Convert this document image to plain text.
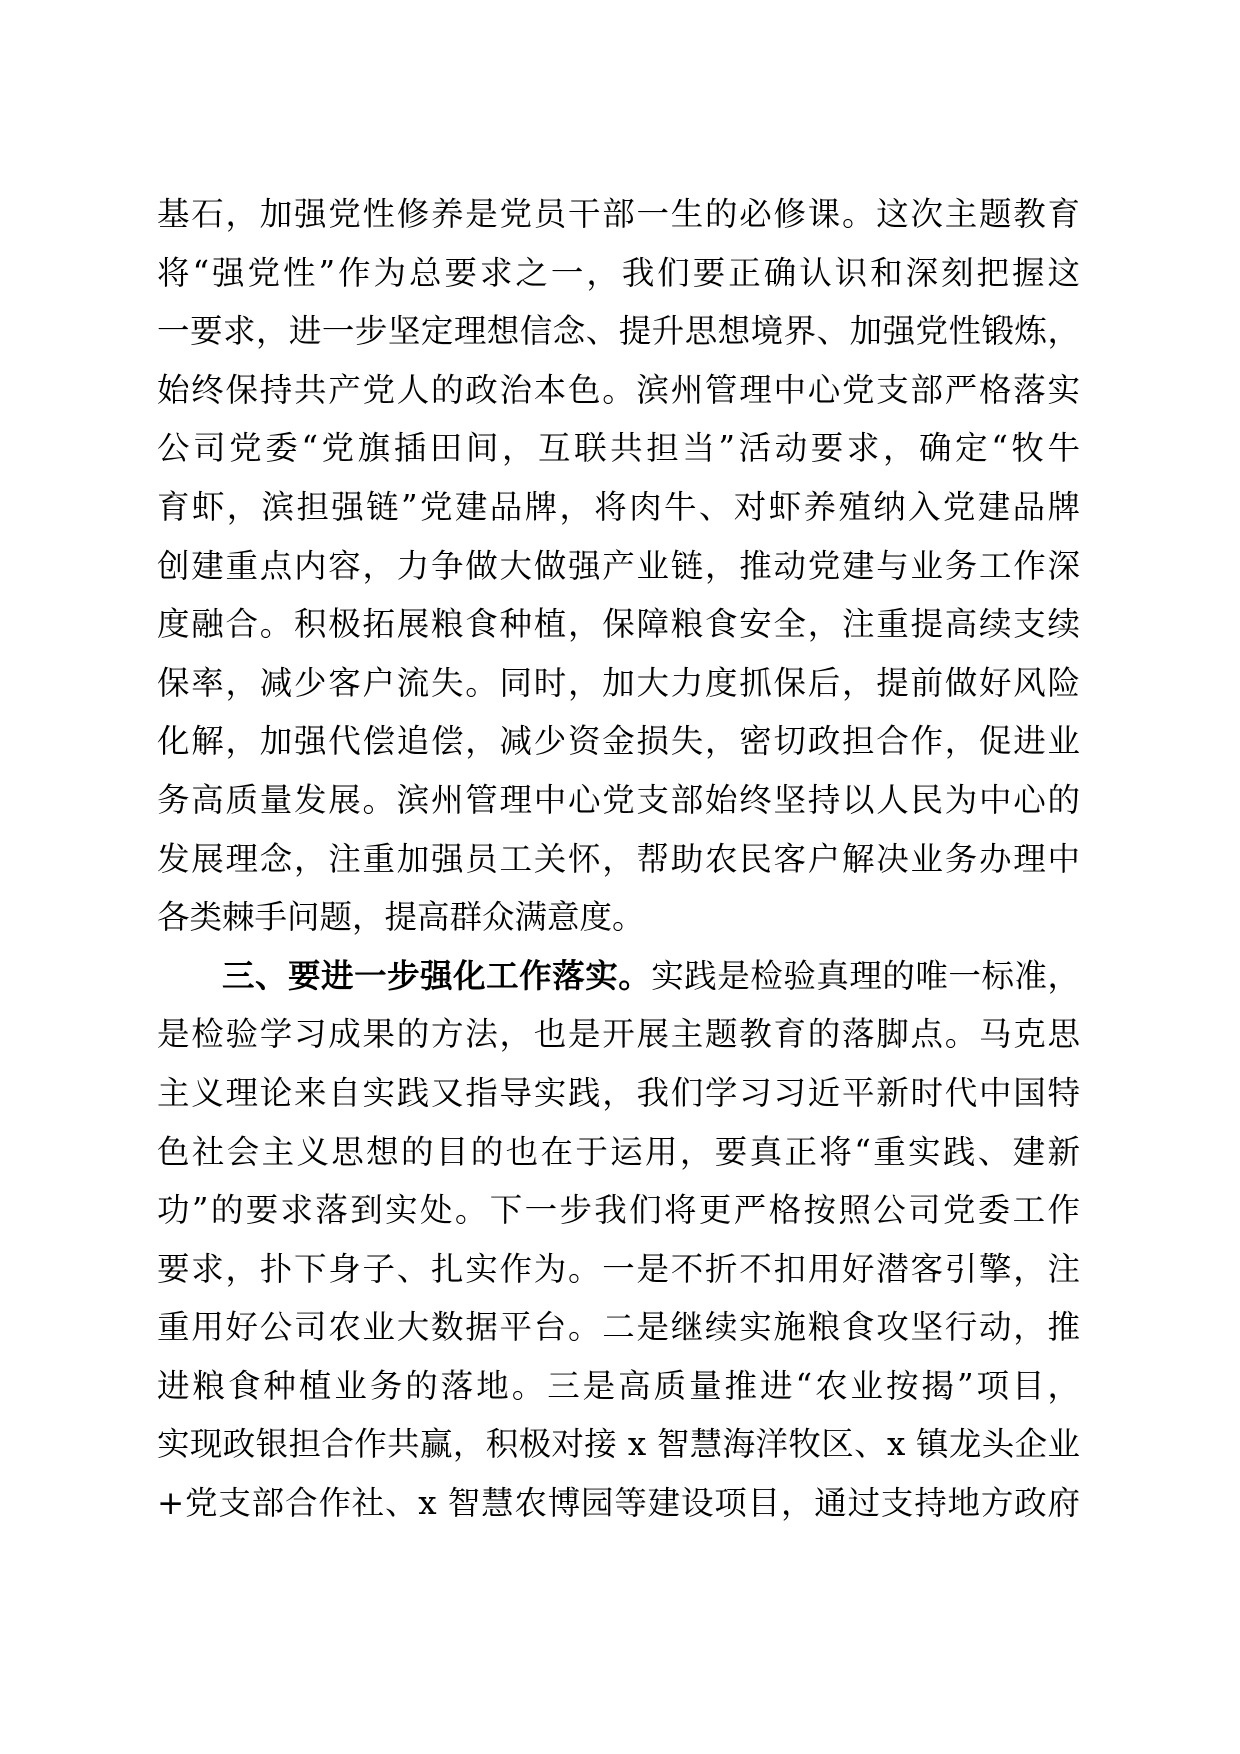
基石，加强党性修养是党员干部一生的必修课。这次主题教育
将“强党性”作为总要求之一，我们要正确认识和深刻把握这
一要求，进一步坚定理想信念、提升思想境界、加强党性锻炼，
始终保持共产党人的政治本色。滨州管理中心党支部严格落实
公司党委“党旗插田间，互联共担当”活动要求，确定“牧牛
育虾，滨担强链”党建品牌，将肉牛、对虾养殖纳入党建品牌
创建重点内容，力争做大做强产业链，推动党建与业务工作深
度融合。积极拓展粮食种植，保障粮食安全，注重提高续支续
保率，减少客户流失。同时，加大力度抓保后，提前做好风险
化解，加强代偿追偿，减少资金损失，密切政担合作，促进业
务高质量发展。滨州管理中心党支部始终坚持以人民为中心的
发展理念，注重加强员工关怀，帮助农民客户解决业务办理中
各类棘手问题，提高群众满意度。
三、要进一步强化工作落实。实践是检验真理的唯一标准，
是检验学习成果的方法，也是开展主题教育的落脚点。马克思
主义理论来自实践又指导实践，我们学习习近平新时代中国特
色社会主义思想的目的也在于运用，要真正将“重实践、建新
功”的要求落到实处。下一步我们将更严格按照公司党委工作
要求，扑下身子、扎实作为。一是不折不扣用好潜客引擎，注
重用好公司农业大数据平台。二是继续实施粮食攻坚行动，推
进粮食种植业务的落地。三是高质量推进“农业按揭”项目，
实现政银担合作共赢，积极对接 x 智慧海洋牧区、x 镇龙头企业
+党支部合作社、x 智慧农博园等建设项目，通过支持地方政府
